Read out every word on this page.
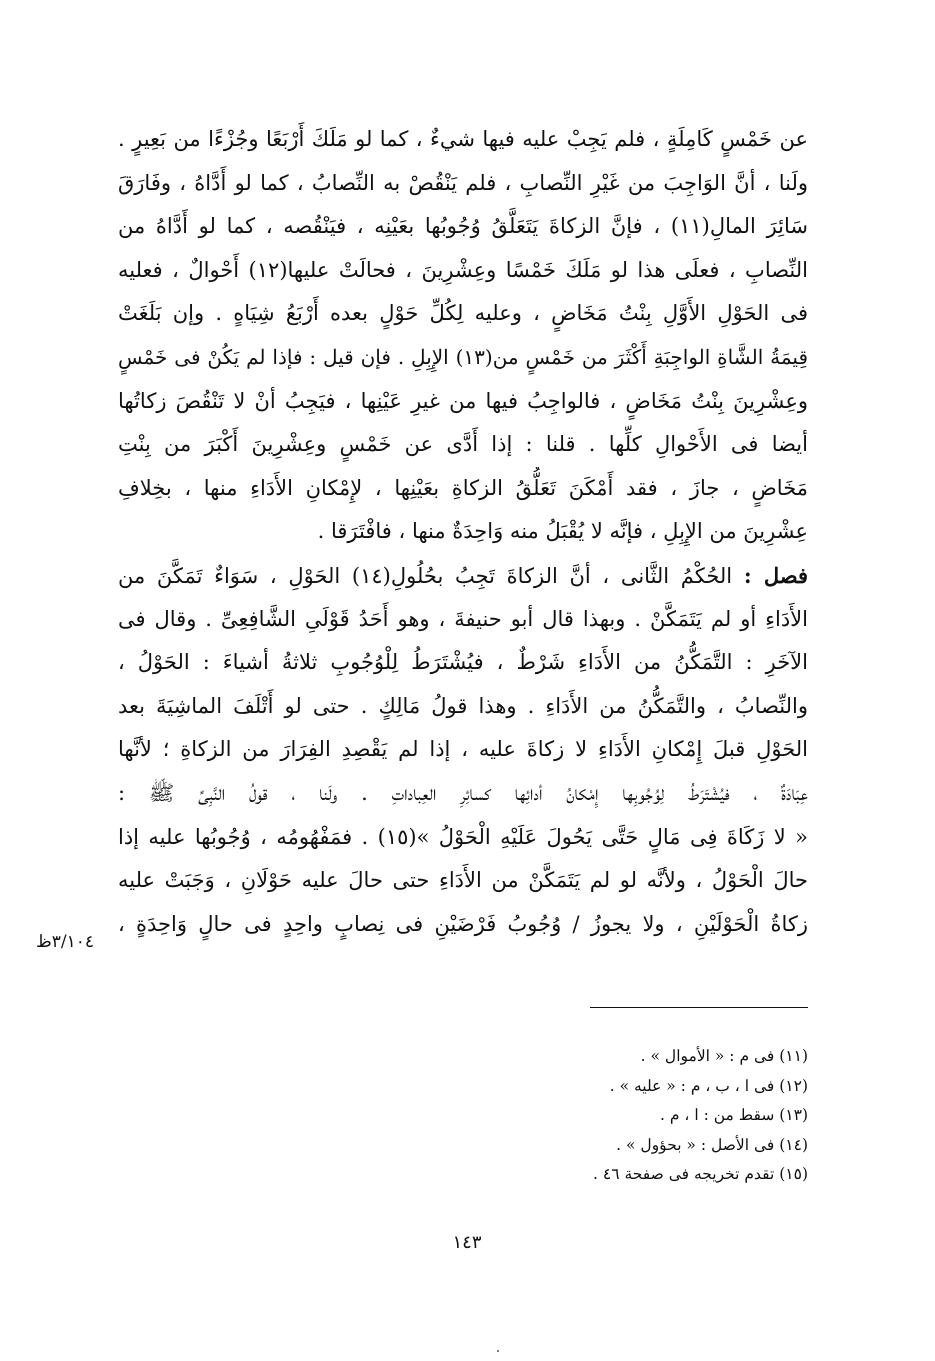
عن خَمْسٍ كَامِلَةٍ ، فلم يَجِبْ عليه فيها شيءٌ ، كما لو مَلَكَ أَرْبَعًا وجُزْءًا من بَعِيرٍ .
ولَنا ، أنَّ الوَاجِبَ من غَيْرِ النِّصابِ ، فلم يَنْقُصْ به النِّصابُ ، كما لو أَدَّاهُ ، وفَارَقَ
سَائِرَ المالِ(١١) ، فإنَّ الزكاةَ يَتَعَلَّقُ وُجُوبُها بعَيْنِه ، فيَنْقُصه ، كما لو أَدَّاهُ من
النِّصابِ ، فعلَى هذا لو مَلَكَ خَمْسًا وعِشْرِينَ ، فحالَتْ عليها(١٢) أَحْوالٌ ، فعليه
فى الحَوْلِ الأَوَّلِ بِنْتُ مَخَاضٍ ، وعليه لِكُلِّ حَوْلٍ بعده أَرْبَعُ شِيَاهٍ . وإن بَلَغَتْ
قِيمَةُ الشَّاةِ الواجِبَةِ أَكْثَرَ من خَمْسٍ من(١٣) الإِبِلِ . فإن قيل : فإذا لم يَكُنْ فى خَمْسٍ
وعِشْرِينَ بِنْتُ مَخَاضٍ ، فالواجِبُ فيها من غيرِ عَيْنِها ، فيَجِبُ أنْ لا تَنْقُصَ زكاتُها
أيضا فى الأَحْوالِ كلِّها . قلنا : إذا أَدَّى عن خَمْسٍ وعِشْرِينَ أَكْبَرَ من بِنْتِ
مَخَاضٍ ، جازَ ، فقد أَمْكَنَ تَعَلُّقُ الزكاةِ بعَيْنِها ، لإِمْكانِ الأَدَاءِ منها ، بخِلافِ
عِشْرِينَ من الإِبِلِ ، فإنَّه لا يُقْبَلُ منه وَاحِدَةٌ منها ، فافْتَرَقا .
فصل : الحُكْمُ الثَّانى ، أنَّ الزكاةَ تَجِبُ بحُلُولِ(١٤) الحَوْلِ ، سَوَاءٌ تَمَكَّنَ من
الأَدَاءِ أو لم يَتَمَكَّنْ . وبهذا قال أبو حنيفةَ ، وهو أَحَدُ قَوْلَىِ الشَّافِعِىِّ . وقال فى
الآخَرِ : التَّمَكُّنُ من الأَدَاءِ شَرْطٌ ، فيُشْتَرَطُ لِلْوُجُوبِ ثلاثةُ أشياءَ : الحَوْلُ ،
والنِّصابُ ، والتَّمَكُّنُ من الأَدَاءِ . وهذا قولُ مَالِكٍ . حتى لو أَتْلَفَ الماشِيَةَ بعد
الحَوْلِ قبلَ إِمْكانِ الأَدَاءِ لا زكاةَ عليه ، إذا لم يَقْصِدِ الفِرَارَ من الزكاةِ ؛ لأنَّها
عِبَادَةٌ ، فيُشْتَرَطُ لِوُجُوبِها إِمْكانُ أدائِها كسائِرِ العِباداتِ . ولَنا ، قولُ النَّبِىِّ ﷺ :
« لا زَكَاةَ فِى مَالٍ حَتَّى يَحُولَ عَلَيْهِ الْحَوْلُ »(١٥) . فمَفْهُومُه ، وُجُوبُها عليه إذا
حالَ الْحَوْلُ ، ولأنَّه لو لم يَتَمَكَّنْ من الأَدَاءِ حتى حالَ عليه حَوْلَانِ ، وَجَبَتْ عليه
زكاةُ الْحَوْلَيْنِ ، ولا يجوزُ / وُجُوبُ فَرْضَيْنِ فى نِصابٍ واحِدٍ فى حالٍ وَاحِدَةٍ ،
٣/١٠٤ظ
(١١) فى م : « الأموال » .
(١٢) فى ا ، ب ، م : « عليه » .
(١٣) سقط من : ا ، م .
(١٤) فى الأصل : « بحؤول » .
(١٥) تقدم تخريجه فى صفحة ٤٦ .
١٤٣
